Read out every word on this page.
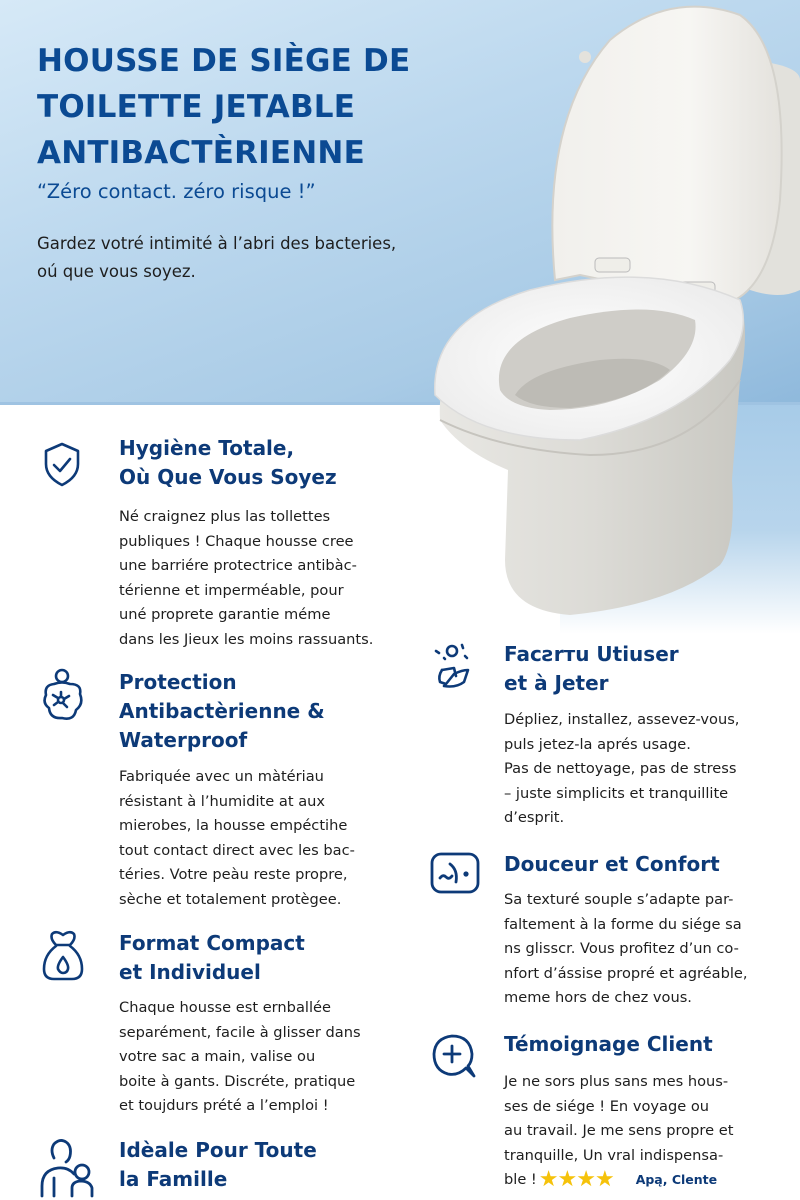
HOUSSE DE SIÈGE DE
TOILETTE JETABLE
ANTIBACTÈRIENNE
“Zéro contact. zéro risque !”
Gardez votré intimité à l’abri des bacteries,
oú que vous soyez.
Hygiène Totale,
Où Que Vous Soyez

Né craignez plus las tollettes
publiques ! Chaque housse cree
une barriére protectrice antibàc-
térienne et imperméable, pour
uné proprete garantie méme
dans les Jieux les moins rassuants.

Protection
Antibactèrienne &
Waterproof

Fabriquée avec un màtériau
résistant à l’humidite at aux
mierobes, la housse empéctihe
tout contact direct avec les bac-
téries. Votre peàu reste propre,
sèche et totalement protègee.

Format Compact
et Individuel

Chaque housse est ernballée
separément, facile à glisser dans
votre sac a main, valise ou
boite à gants. Discréte, pratique
et toujdurs prété a l’emploi !

Idèale Pour Toute
la Famille
Facƨrᴛu Utiuser
et à Jeter

Dépliez, installez, assevez-vous,
puls jetez-la aprés usage.
Pas de nettoyage, pas de stress
– juste simplicits et tranquillite
d’esprit.

Douceur et Confort

Sa texturé souple s’adapte par-
faltement à la forme du siége sa
ns glisscr. Vous profitez d’un co-
nfort d’ássise propré et agréable,
meme hors de chez vous.

Témoignage Client

Je ne sors plus sans mes hous-
ses de siége ! En voyage ou
au travail. Je me sens propre et
tranquille, Un vral indispensa-
ble !★★★★ Apą, Clente
